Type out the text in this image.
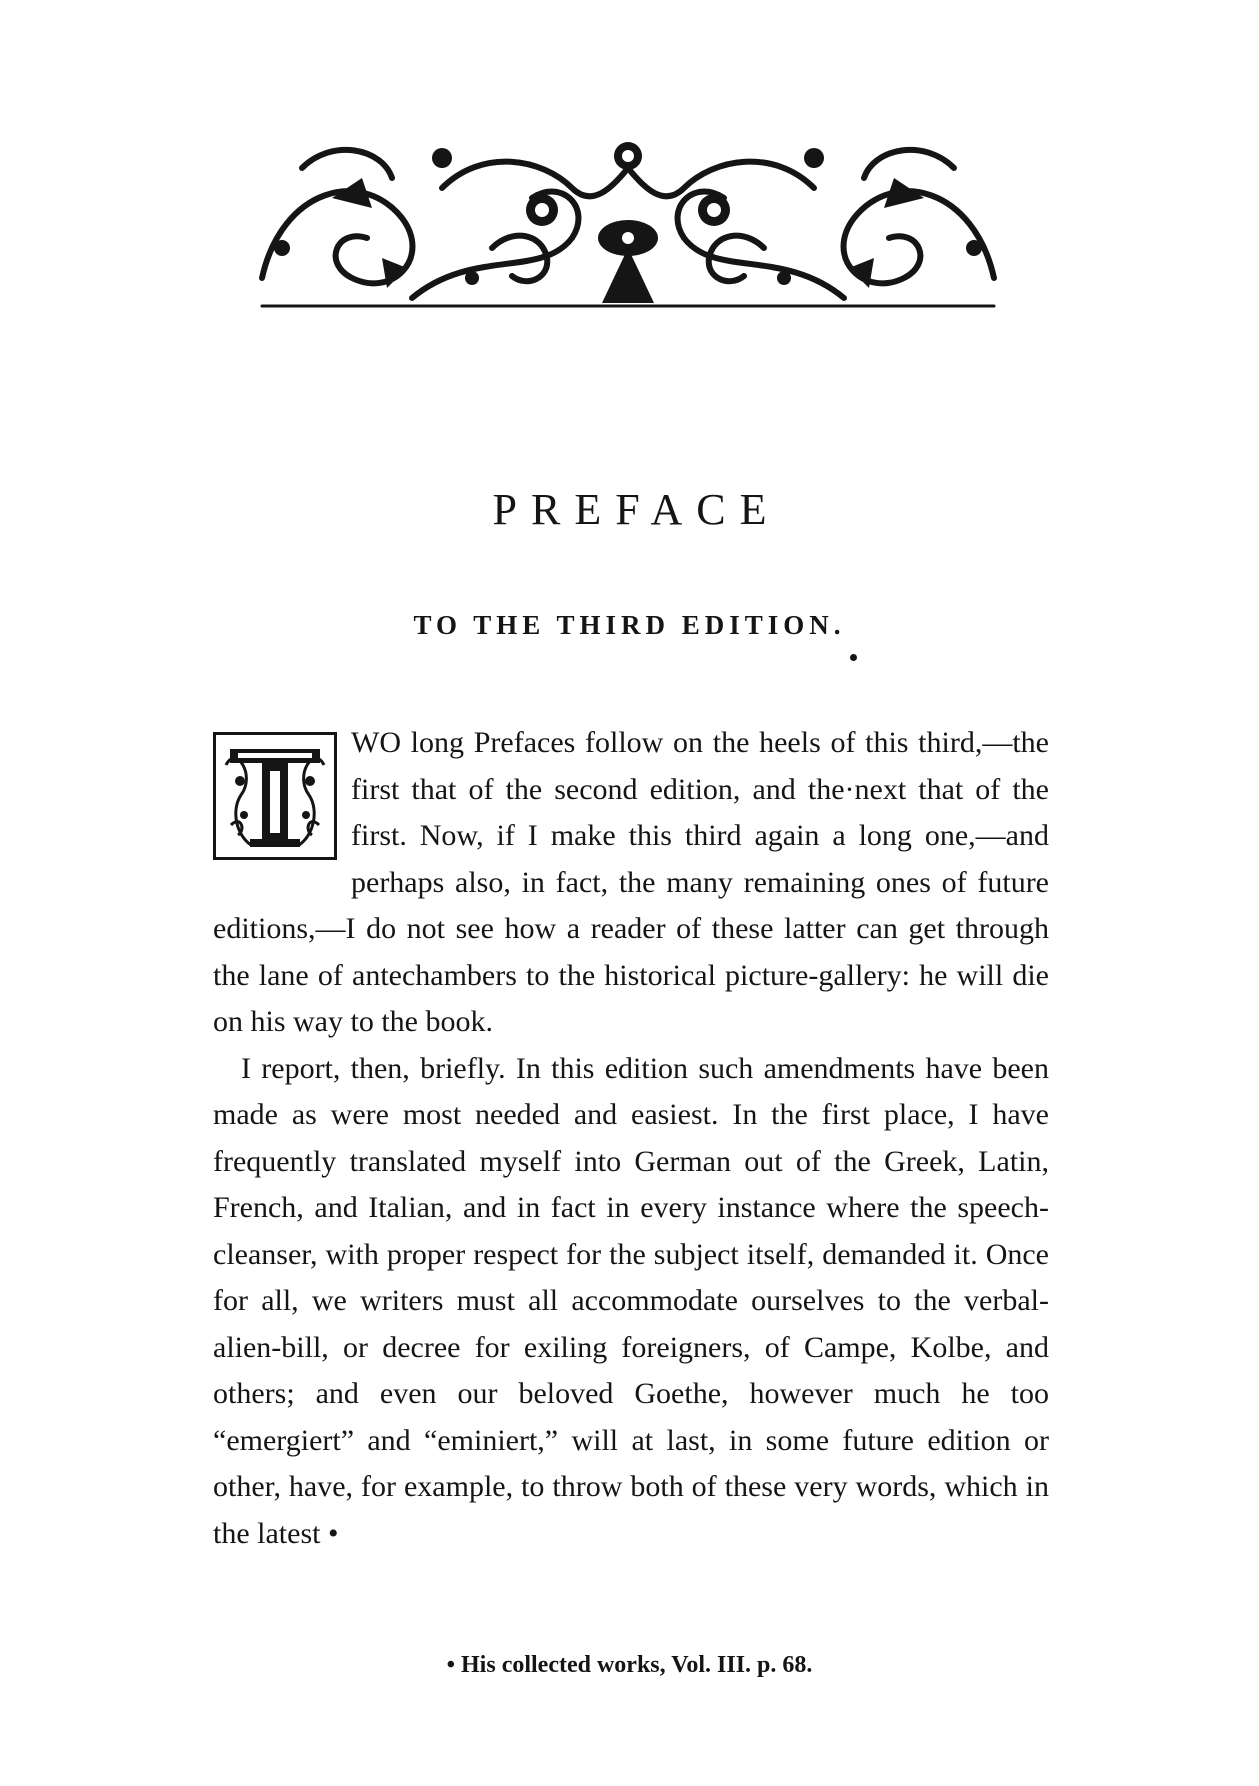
PREFACE
TO THE THIRD EDITION.

WO long Prefaces follow on the heels of this third,—the first that of the second edition, and the·next that of the first. Now, if I make this third again a long one,—and perhaps also, in fact, the many remaining ones of future editions,—I do not see how a reader of these latter can get through the lane of antechambers to the historical picture-gallery: he will die on his way to the book.

I report, then, briefly. In this edition such amendments have been made as were most needed and easiest. In the first place, I have frequently translated myself into German out of the Greek, Latin, French, and Italian, and in fact in every instance where the speech-cleanser, with proper respect for the subject itself, demanded it. Once for all, we writers must all accommodate ourselves to the verbal-alien-bill, or decree for exiling foreigners, of Campe, Kolbe, and others; and even our beloved Goethe, however much he too “emergiert” and “eminiert,” will at last, in some future edition or other, have, for example, to throw both of these very words, which in the latest •

• His collected works, Vol. III. p. 68.
